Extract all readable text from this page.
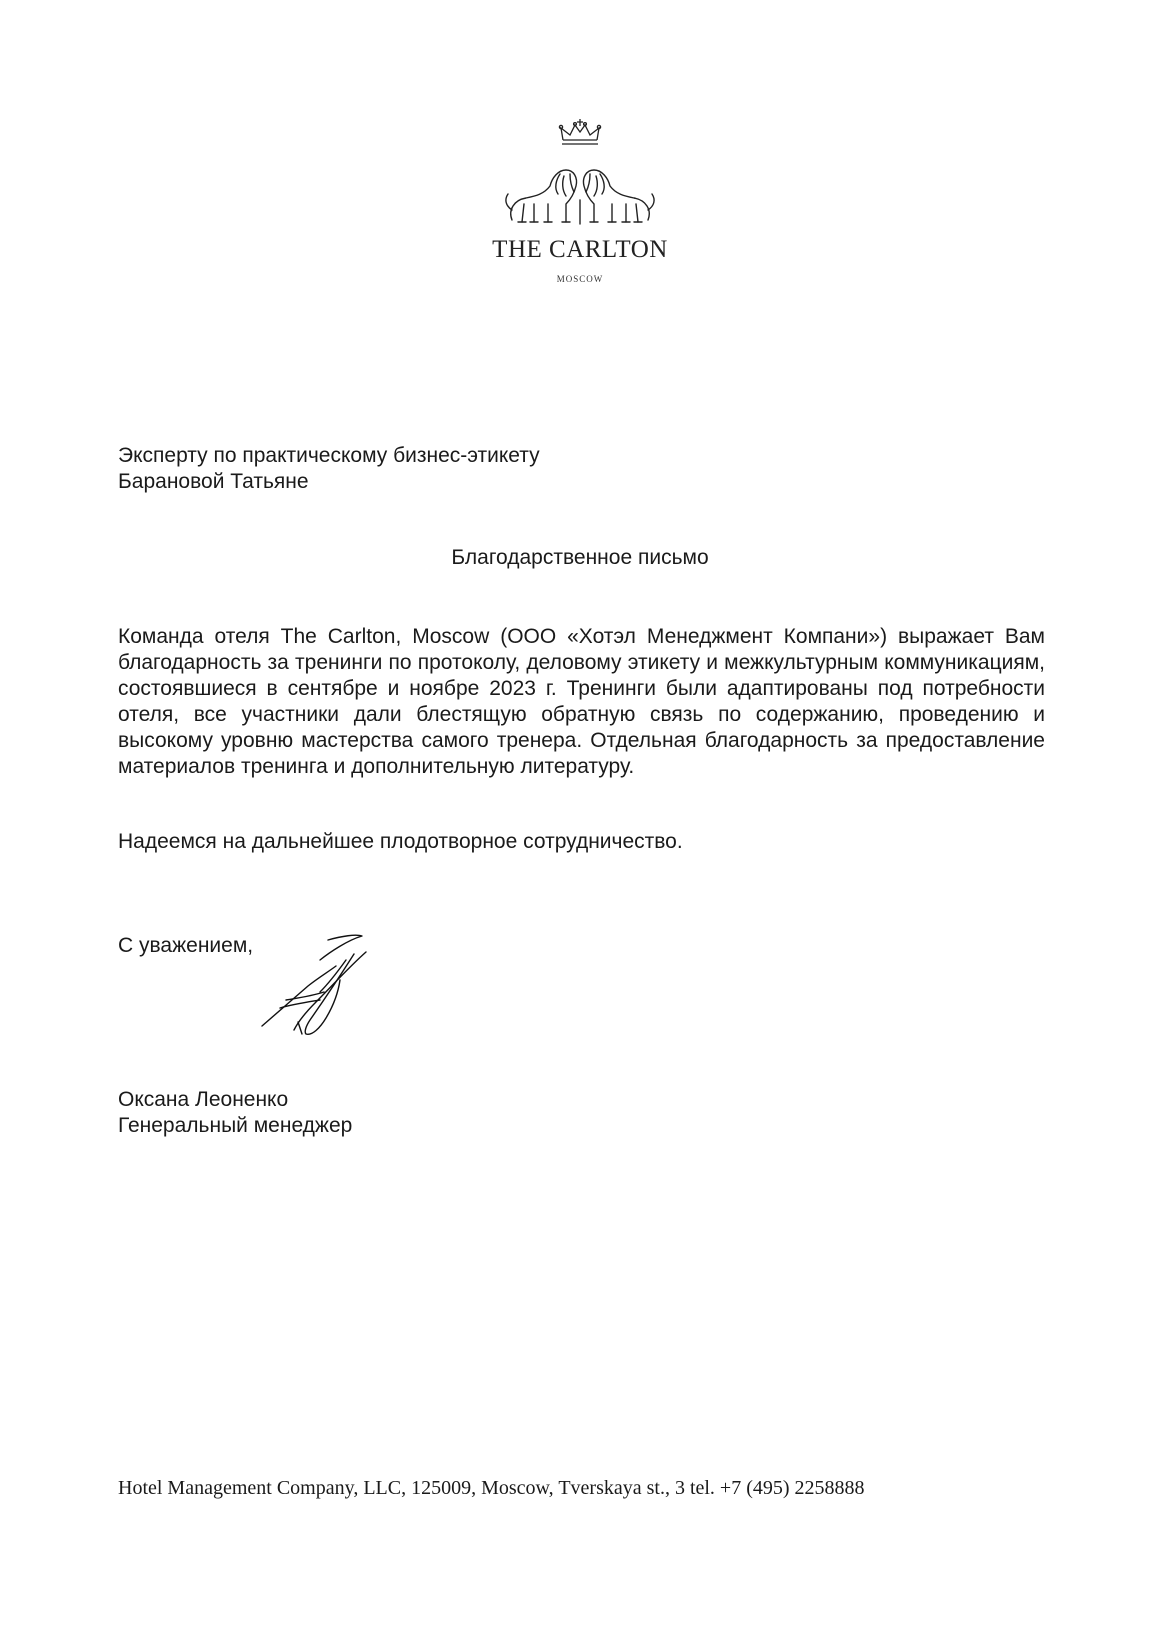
THE CARLTON
MOSCOW
Эксперту по практическому бизнес-этикету
Барановой Татьяне
Благодарственное письмо
Команда отеля The Carlton, Moscow (ООО «Хотэл Менеджмент Компани») выражает Вам благодарность за тренинги по протоколу, деловому этикету и межкультурным коммуникациям, состоявшиеся в сентябре и ноябре 2023 г. Тренинги были адаптированы под потребности отеля, все участники дали блестящую обратную связь по содержанию, проведению и высокому уровню мастерства самого тренера. Отдельная благодарность за предоставление материалов тренинга и дополнительную литературу.
Надеемся на дальнейшее плодотворное сотрудничество.
С уважением,
Оксана Леоненко
Генеральный менеджер
Hotel Management Company, LLC, 125009, Moscow, Tverskaya st., 3 tel. +7 (495) 2258888
